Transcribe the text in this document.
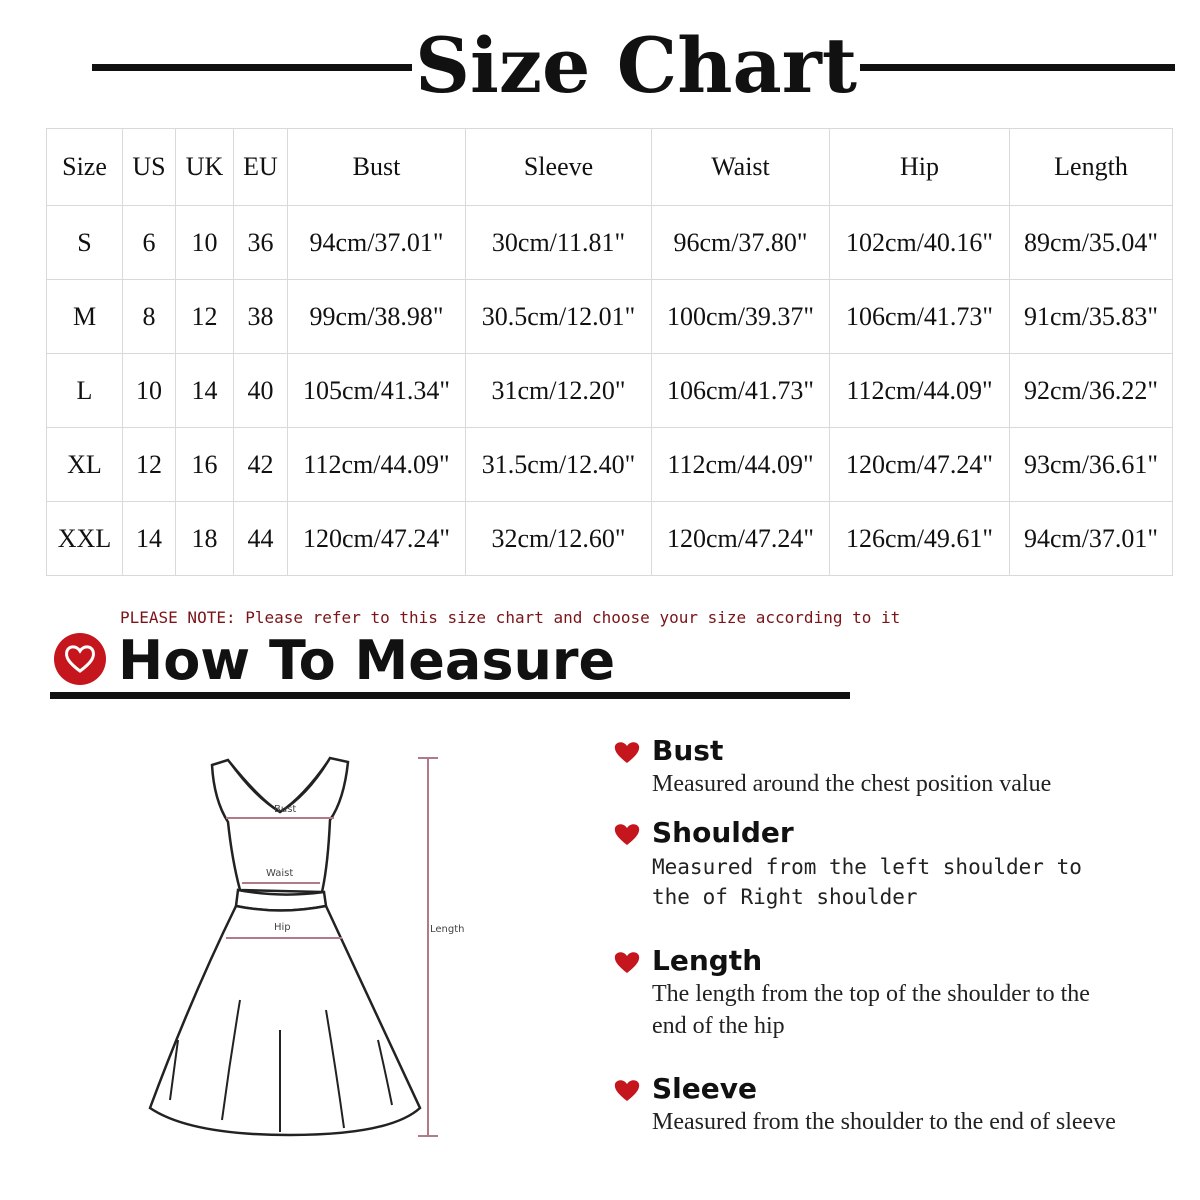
Size Chart
Size	US	UK	EU	Bust	Sleeve	Waist	Hip	Length
S	6	10	36	94cm/37.01"	30cm/11.81"	96cm/37.80"	102cm/40.16"	89cm/35.04"
M	8	12	38	99cm/38.98"	30.5cm/12.01"	100cm/39.37"	106cm/41.73"	91cm/35.83"
L	10	14	40	105cm/41.34"	31cm/12.20"	106cm/41.73"	112cm/44.09"	92cm/36.22"
XL	12	16	42	112cm/44.09"	31.5cm/12.40"	112cm/44.09"	120cm/47.24"	93cm/36.61"
XXL	14	18	44	120cm/47.24"	32cm/12.60"	120cm/47.24"	126cm/49.61"	94cm/37.01"
PLEASE NOTE: Please refer to this size chart and choose your size according to it
How To Measure
Bust
Waist
Hip	Length
Bust
Measured around the chest position value
Shoulder
Measured from the left shoulder to the of Right shoulder
Length
The length from the top of the shoulder to the end of the hip
Sleeve
Measured from the shoulder to the end of sleeve
